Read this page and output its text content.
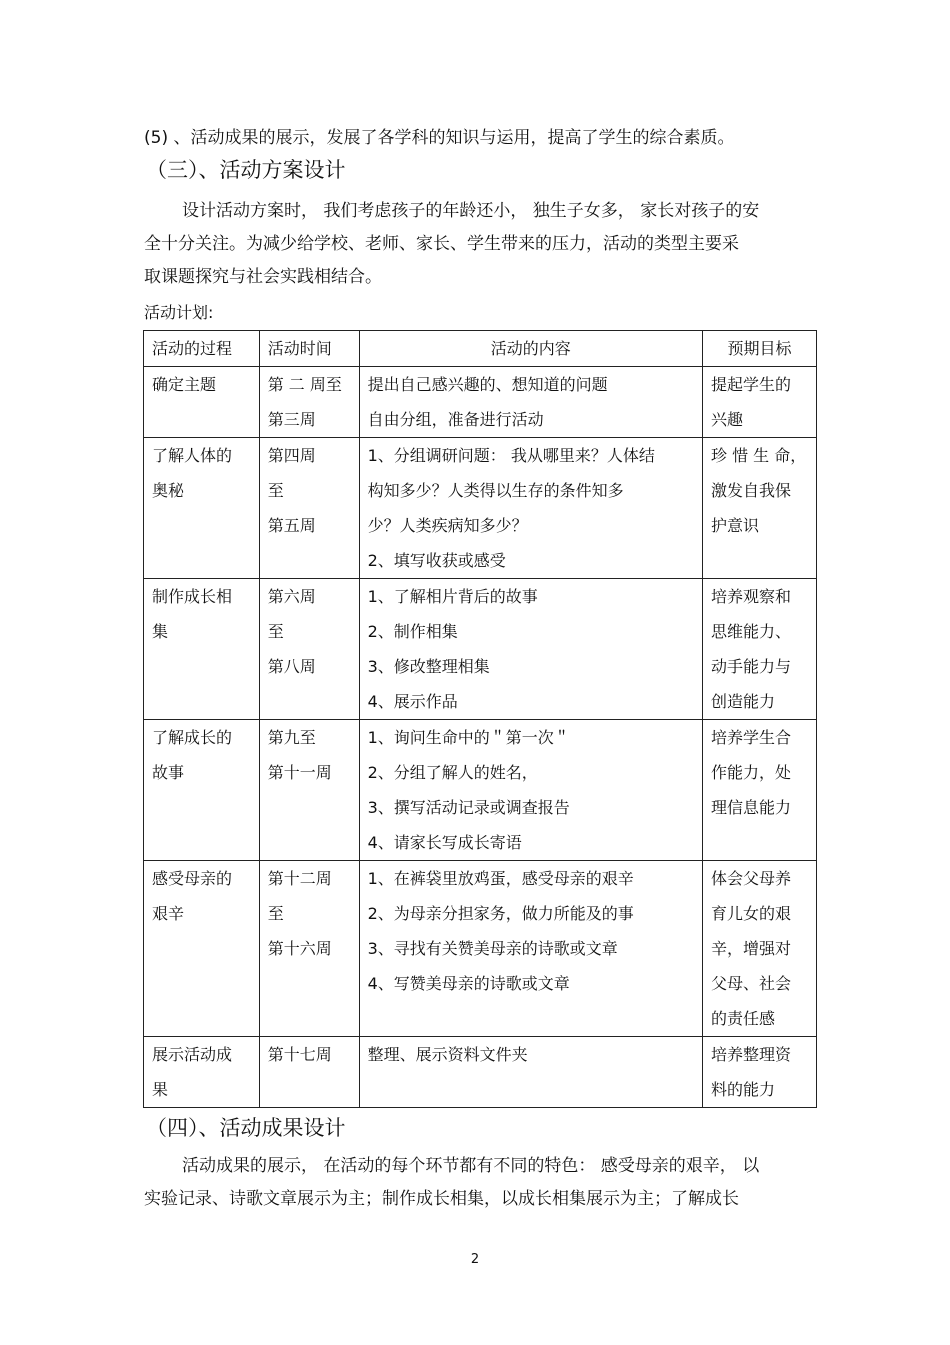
(5) 、活动成果的展示，发展了各学科的知识与运用，提高了学生的综合素质。
（三）、活动方案设计
设计活动方案时， 我们考虑孩子的年龄还小， 独生子女多， 家长对孩子的安
全十分关注。为减少给学校、老师、家长、学生带来的压力，活动的类型主要采
取课题探究与社会实践相结合。
活动计划:
活动的过程	活动时间	活动的内容	预期目标

确定主题	第 二 周至
第三周	提出自己感兴趣的、想知道的问题
自由分组，准备进行活动	提起学生的
兴趣

了解人体的
奥秘	第四周
至
第五周	1、分组调研问题： 我从哪里来？人体结
构知多少？人类得以生存的条件知多
少？人类疾病知多少？
2、填写收获或感受	珍 惜 生 命，
激发自我保
护意识

制作成长相
集	第六周
至
第八周	1、了解相片背后的故事
2、制作相集
3、修改整理相集
4、展示作品	培养观察和
思维能力、
动手能力与
创造能力

了解成长的
故事	第九至
第十一周	1、询问生命中的＂第一次＂
2、分组了解人的姓名，
3、撰写活动记录或调查报告
4、请家长写成长寄语	培养学生合
作能力，处
理信息能力

感受母亲的
艰辛	第十二周
至
第十六周	1、在裤袋里放鸡蛋，感受母亲的艰辛
2、为母亲分担家务，做力所能及的事
3、寻找有关赞美母亲的诗歌或文章
4、写赞美母亲的诗歌或文章	体会父母养
育儿女的艰
辛，增强对
父母、社会
的责任感

展示活动成
果	第十七周	整理、展示资料文件夹	培养整理资
料的能力
（四）、活动成果设计
活动成果的展示， 在活动的每个环节都有不同的特色： 感受母亲的艰辛， 以
实验记录、诗歌文章展示为主；制作成长相集，以成长相集展示为主；了解成长
2
